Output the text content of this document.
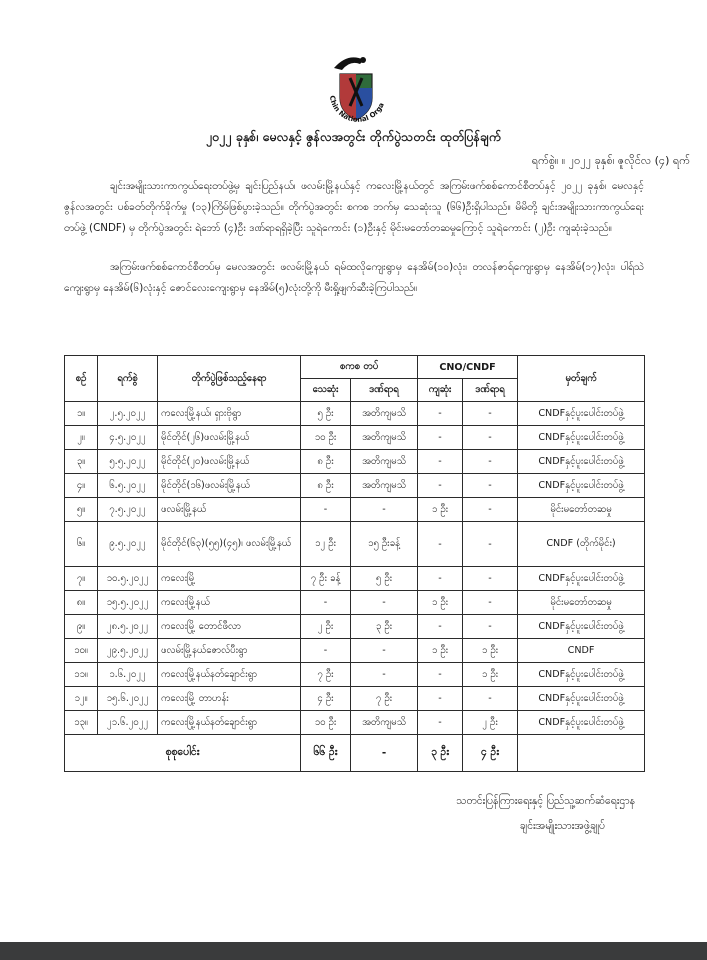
Chin National Orga
၂၀၂၂ ခုနှစ်၊ မေလနှင့် ဇွန်လအတွင်း တိုက်ပွဲသတင်း ထုတ်ပြန်ချက်
ရက်စွဲ။ ။ ၂၀၂၂ ခုနှစ်၊ ဇူလိုင်လ (၄) ရက်
ချင်းအမျိုးသားကာကွယ်ရေးတပ်ဖွဲ့မှ ချင်းပြည်နယ်၊ ဖလမ်းမြို့နယ်နှင့် ကလေးမြို့နယ်တွင် အကြမ်းဖက်စစ်ကောင်စီတပ်နှင့် ၂၀၂၂ ခုနှစ်၊ မေလနှင့် ဇွန်လအတွင်း ပစ်ခတ်တိုက်ခိုက်မှု (၁၃)ကြိမ်ဖြစ်ပွားခဲ့သည်။ တိုက်ပွဲအတွင်း စကစ ဘက်မှ သေဆုံးသူ (၆၆)ဦးရှိပါသည်။ မိမိတို့ ချင်းအမျိုးသားကာကွယ်ရေးတပ်ဖွဲ့ (CNDF) မှ တိုက်ပွဲအတွင်း ရဲဘော် (၄)ဦး ဒဏ်ရာရရှိခဲ့ပြီး သူရဲကောင်း (၁)ဦးနှင့် မိုင်းမတော်တဆမှုကြောင့် သူရဲကောင်း (၂)ဦး ကျဆုံးခဲ့သည်။
အကြမ်းဖက်စစ်ကောင်စီတပ်မှ မေလအတွင်း ဖလမ်းမြို့နယ် ရမ်ထလိုကျေးရွာမှ နေအိမ်(၁၀)လုံး၊ တလန်ဇာရ်ကျေးရွာမှ နေအိမ်(၁၇)လုံး၊ ပါရ်သဲကျေးရွာမှ နေအိမ်(၆)လုံးနှင့် ဇောင်လေးကျေးရွာမှ နေအိမ်(၅)လုံးတို့ကို မီးရှို့ဖျက်ဆီးခဲ့ကြပါသည်။
စဉ်	ရက်စွဲ	တိုက်ပွဲဖြစ်သည့်နေရာ	စကစ တပ်		CNO/CNDF		မှတ်ချက်
			သေဆုံး	ဒဏ်ရာရ	ကျဆုံး	ဒဏ်ရာရ	
၁။	၂.၅.၂၀၂၂	ကလေးမြို့နယ်၊ ရှားဗိုရွာ	၅ ဦး	အတိကျမသိ	-	-	CNDFနှင့်ပူးပေါင်းတပ်ဖွဲ့
၂။	၄.၅.၂၀၂၂	မိုင်တိုင်(၂၆)ဖလမ်းမြို့နယ်	၁၀ ဦး	အတိကျမသိ	-	-	CNDFနှင့်ပူးပေါင်းတပ်ဖွဲ့
၃။	၅.၅.၂၀၂၂	မိုင်တိုင်(၂၀)ဖလမ်းမြို့နယ်	၈ ဦး	အတိကျမသိ	-	-	CNDFနှင့်ပူးပေါင်းတပ်ဖွဲ့
၄။	၆.၅.၂၀၂၂	မိုင်တိုင်(၁၆)ဖလမ်းမြို့နယ်	၈ ဦး	အတိကျမသိ	-	-	CNDFနှင့်ပူးပေါင်းတပ်ဖွဲ့
၅။	၇.၅.၂၀၂၂	ဖလမ်းမြို့နယ်	-	-	၁ ဦး	-	မိုင်းမတော်တဆမှု
၆။	၉.၅.၂၀၂၂	မိုင်တိုင်(၆၃)(၅၅)(၄၅)၊ ဖလမ်းမြို့နယ်	၁၂ ဦး	၁၅ ဦးခန့်	-	-	CNDF (တိုက်မိုင်း)
၇။	၁၀.၅.၂၀၂၂	ကလေးမြို့	၇ ဦး ခန့်	၅ ဦး	-	-	CNDFနှင့်ပူးပေါင်းတပ်ဖွဲ့
၈။	၁၅.၅.၂၀၂၂	ကလေးမြို့နယ်	-	-	၁ ဦး	-	မိုင်းမတော်တဆမှု
၉။	၂၈.၅.၂၀၂၂	ကလေးမြို့ တောင်ဖီလာ	၂ ဦး	၃ ဦး	-	-	CNDFနှင့်ပူးပေါင်းတပ်ဖွဲ့
၁၀။	၂၉.၅.၂၀၂၂	ဖလမ်းမြို့နယ်ဇောလ်ပီးရွာ	-	-	၁ ဦး	၁ ဦး	CNDF
၁၁။	၁.၆.၂၀၂၂	ကလေးမြို့နယ်နတ်ချောင်းရွာ	၇ ဦး	-	-	၁ ဦး	CNDFနှင့်ပူးပေါင်းတပ်ဖွဲ့
၁၂။	၁၅.၆.၂၀၂၂	ကလေးမြို့ တာဟန်း	၄ ဦး	၇ ဦး	-	-	CNDFနှင့်ပူးပေါင်းတပ်ဖွဲ့
၁၃။	၂၁.၆.၂၀၂၂	ကလေးမြို့နယ်နတ်ချောင်းရွာ	၁၀ ဦး	အတိကျမသိ	-	၂ ဦး	CNDFနှင့်ပူးပေါင်းတပ်ဖွဲ့
စုစုပေါင်း			၆၆ ဦး	-	၃ ဦး	၄ ဦး	
သတင်းပြန်ကြားရေးနှင့် ပြည်သူ့ဆက်ဆံရေးဌာန
ချင်းအမျိုးသားအဖွဲ့ချုပ်
